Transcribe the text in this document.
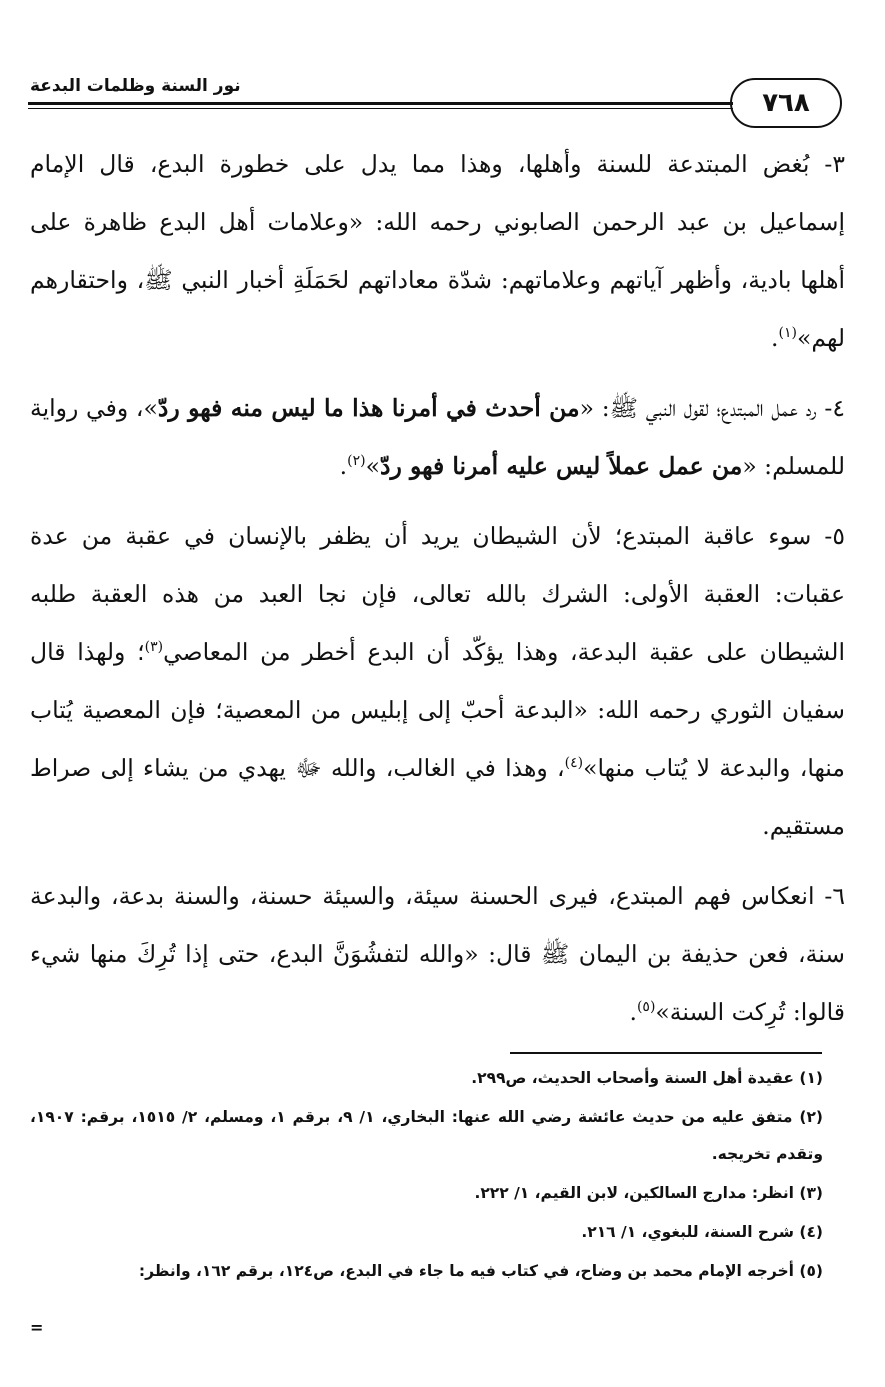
٧٦٨
نور السنة وظلمات البدعة

٣- بُغض المبتدعة للسنة وأهلها، وهذا مما يدل على خطورة البدع، قال الإمام إسماعيل بن عبد الرحمن الصابوني رحمه الله: «وعلامات أهل البدع ظاهرة على أهلها بادية، وأظهر آياتهم وعلاماتهم: شدّة معاداتهم لحَمَلَةِ أخبار النبي ﷺ، واحتقارهم لهم»$^{(١)}$.

٤- رد عمل المبتدع؛ لقول النبي ﷺ: «من أحدث في أمرنا هذا ما ليس منه فهو ردّ»، وفي رواية للمسلم: «من عمل عملاً ليس عليه أمرنا فهو ردّ»$^{(٢)}$.

٥- سوء عاقبة المبتدع؛ لأن الشيطان يريد أن يظفر بالإنسان في عقبة من عدة عقبات: العقبة الأولى: الشرك بالله تعالى، فإن نجا العبد من هذه العقبة طلبه الشيطان على عقبة البدعة، وهذا يؤكّد أن البدع أخطر من المعاصي$^{(٣)}$؛ ولهذا قال سفيان الثوري رحمه الله: «البدعة أحبّ إلى إبليس من المعصية؛ فإن المعصية يُتاب منها، والبدعة لا يُتاب منها»$^{(٤)}$، وهذا في الغالب، والله ﷻ يهدي من يشاء إلى صراط مستقيم.

٦- انعكاس فهم المبتدع، فيرى الحسنة سيئة، والسيئة حسنة، والسنة بدعة، والبدعة سنة، فعن حذيفة بن اليمان ﷺ قال: «والله لتفشُوَنَّ البدع، حتى إذا تُرِكَ منها شيء قالوا: تُرِكت السنة»$^{(٥)}$.

(١) عقيدة أهل السنة وأصحاب الحديث، ص٢٩٩.

(٢) متفق عليه من حديث عائشة رضي الله عنها: البخاري، ١/ ٩، برقم ١، ومسلم، ٢/ ١٥١٥، برقم: ١٩٠٧، وتقدم تخريجه.

(٣) انظر: مدارج السالكين، لابن القيم، ١/ ٢٢٢.

(٤) شرح السنة، للبغوي، ١/ ٢١٦.

(٥) أخرجه الإمام محمد بن وضاح، في كتاب فيه ما جاء في البدع، ص١٢٤، برقم ١٦٢، وانظر:

=
